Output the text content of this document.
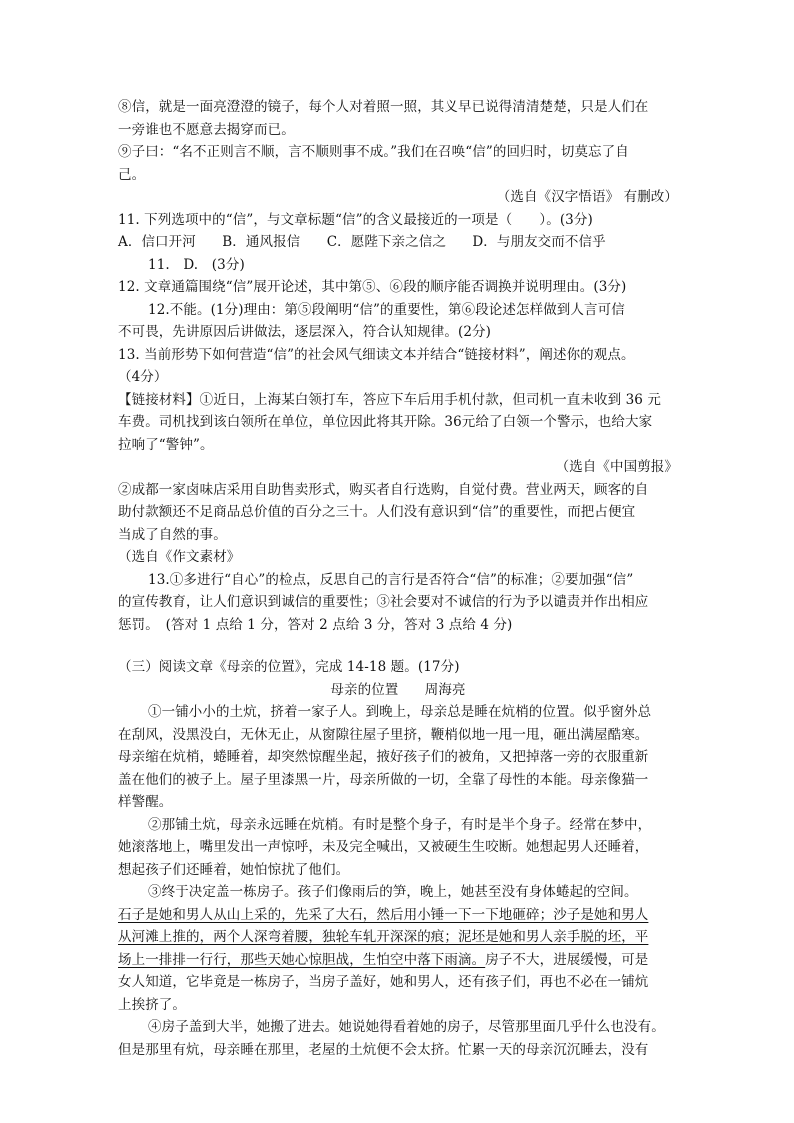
⑧信，就是一面亮澄澄的镜子，每个人对着照一照，其义早已说得清清楚楚，只是人们在
一旁谁也不愿意去揭穿而已。
⑨子曰：“名不正则言不顺，言不顺则事不成。”我们在召唤“信”的回归时，切莫忘了自
己。
（选自《汉字悟语》 有删改）
11. 下列选项中的“信”，与文章标题“信”的含义最接近的一项是（　　）。(3分)
A．信口开河 B．通风报信 C．愿陛下亲之信之 D．与朋友交而不信乎
11.　D.　(3分)
12. 文章通篇围绕“信”展开论述，其中第⑤、⑥段的顺序能否调换并说明理由。(3分)
12.不能。(1分)理由：第⑤段阐明“信”的重要性，第⑥段论述怎样做到人言可信
不可畏，先讲原因后讲做法，逐层深入，符合认知规律。(2分)
13. 当前形势下如何营造“信”的社会风气细读文本并结合“链接材料”，阐述你的观点。
（4分）
【链接材料】①近日，上海某白领打车，答应下车后用手机付款，但司机一直未收到 36 元
车费。司机找到该白领所在单位，单位因此将其开除。36元给了白领一个警示，也给大家
拉响了“警钟”。
（选自《中国剪报》
②成都一家卤味店采用自助售卖形式，购买者自行选购，自觉付费。营业两天，顾客的自
助付款额还不足商品总价值的百分之三十。人们没有意识到“信”的重要性，而把占便宜
当成了自然的事。
（选自《作文素材》
13.①多进行“自心”的检点，反思自己的言行是否符合“信”的标准；②要加强“信”
的宣传教育，让人们意识到诚信的重要性；③社会要对不诚信的行为予以谴责并作出相应
惩罚。　(答对 1 点给 1 分，答对 2 点给 3 分，答对 3 点给 4 分)
（三）阅读文章《母亲的位置》，完成 14-18 题。(17分)
母亲的位置 周海亮
①一铺小小的土炕，挤着一家子人。到晚上，母亲总是睡在炕梢的位置。似乎窗外总
在刮风，没黑没白，无休无止，从窗隙往屋子里挤，鞭梢似地一甩一甩，砸出满屋酷寒。
母亲缩在炕梢，蜷睡着，却突然惊醒坐起，掖好孩子们的被角，又把掉落一旁的衣服重新
盖在他们的被子上。屋子里漆黑一片，母亲所做的一切，全靠了母性的本能。母亲像猫一
样警醒。
②那铺土炕，母亲永远睡在炕梢。有时是整个身子，有时是半个身子。经常在梦中，
她滚落地上，嘴里发出一声惊呼，未及完全喊出，又被硬生生咬断。她想起男人还睡着，
想起孩子们还睡着，她怕惊扰了他们。
③终于决定盖一栋房子。孩子们像雨后的笋，晚上，她甚至没有身体蜷起的空间。
石子是她和男人从山上采的，先采了大石，然后用小锤一下一下地砸碎；沙子是她和男人
从河滩上推的，两个人深弯着腰，独轮车轧开深深的痕；泥坯是她和男人亲手脱的坯，平
场上一排排一行行，那些天她心惊胆战，生怕空中落下雨滴。房子不大，进展缓慢，可是
女人知道，它毕竟是一栋房子，当房子盖好，她和男人，还有孩子们，再也不必在一铺炕
上挨挤了。
④房子盖到大半，她搬了进去。她说她得看着她的房子，尽管那里面几乎什么也没有。
但是那里有炕，母亲睡在那里，老屋的土炕便不会太挤。忙累一天的母亲沉沉睡去，没有
